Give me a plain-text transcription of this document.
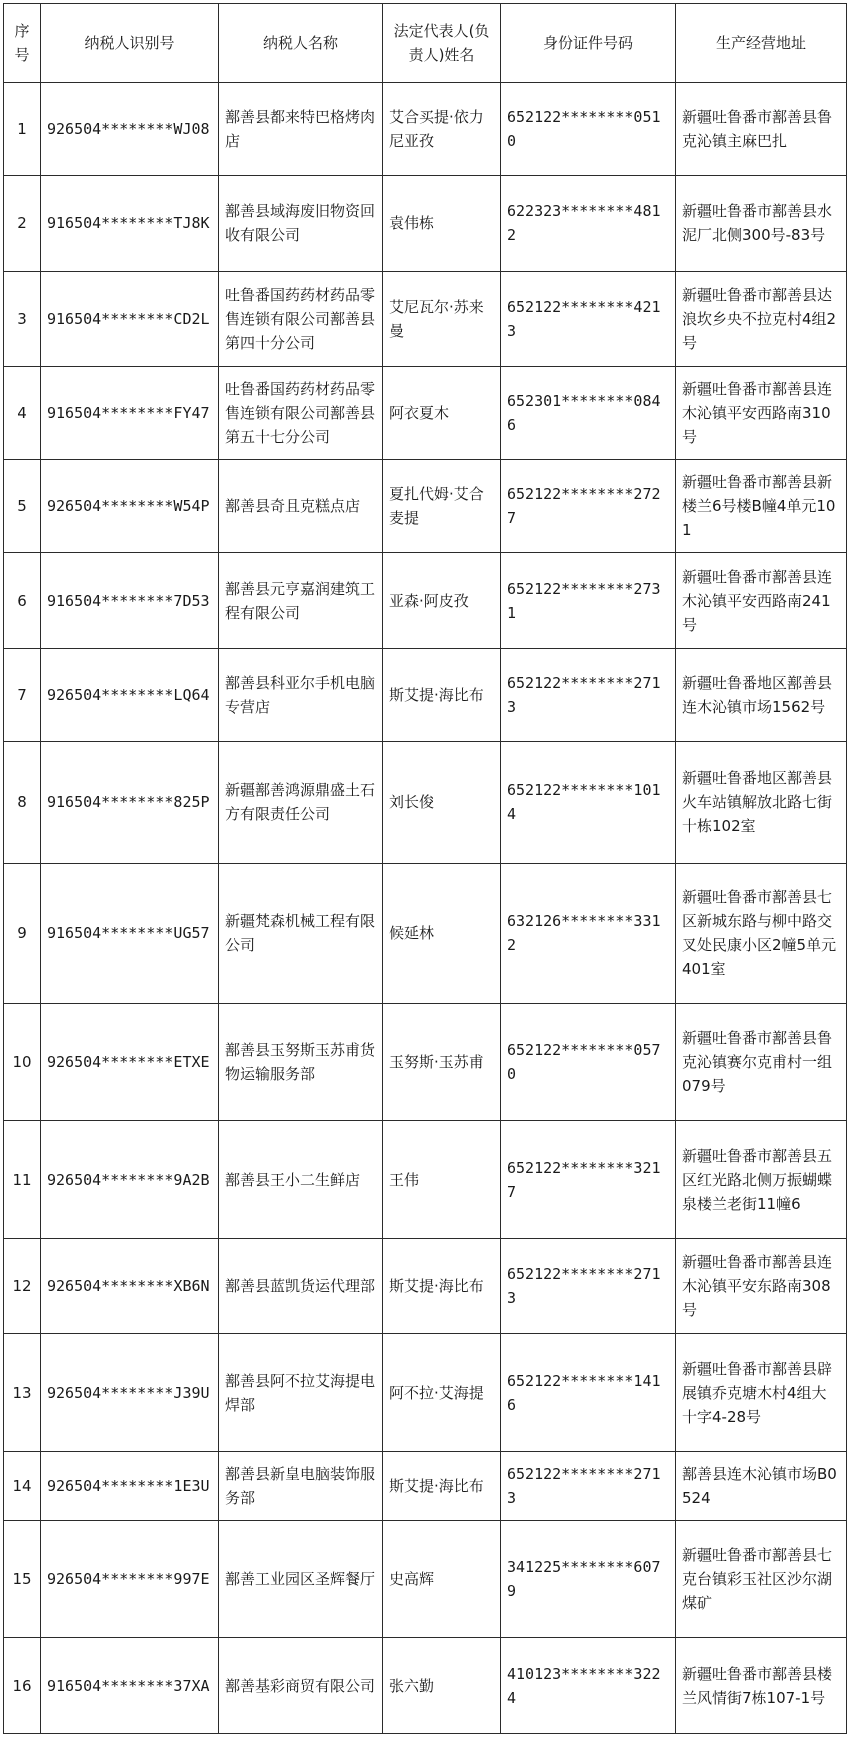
序号	纳税人识别号	纳税人名称	法定代表人(负责人)姓名	身份证件号码	生产经营地址
1	926504********WJ08	鄯善县都来特巴格烤肉店	艾合买提·依力尼亚孜	652122********0510	新疆吐鲁番市鄯善县鲁克沁镇主麻巴扎
2	916504********TJ8K	鄯善县域海废旧物资回收有限公司	袁伟栋	622323********4812	新疆吐鲁番市鄯善县水泥厂北侧300号-83号
3	916504********CD2L	吐鲁番国药药材药品零售连锁有限公司鄯善县第四十分公司	艾尼瓦尔·苏来曼	652122********4213	新疆吐鲁番市鄯善县达浪坎乡央不拉克村4组2号
4	916504********FY47	吐鲁番国药药材药品零售连锁有限公司鄯善县第五十七分公司	阿衣夏木	652301********0846	新疆吐鲁番市鄯善县连木沁镇平安西路南310号
5	926504********W54P	鄯善县奇且克糕点店	夏扎代姆·艾合麦提	652122********2727	新疆吐鲁番市鄯善县新楼兰6号楼B幢4单元101
6	916504********7D53	鄯善县元亨嘉润建筑工程有限公司	亚森·阿皮孜	652122********2731	新疆吐鲁番市鄯善县连木沁镇平安西路南241号
7	926504********LQ64	鄯善县科亚尔手机电脑专营店	斯艾提·海比布	652122********2713	新疆吐鲁番地区鄯善县连木沁镇市场1562号
8	916504********825P	新疆鄯善鸿源鼎盛土石方有限责任公司	刘长俊	652122********1014	新疆吐鲁番地区鄯善县火车站镇解放北路七街十栋102室
9	916504********UG57	新疆梵森机械工程有限公司	候延林	632126********3312	新疆吐鲁番市鄯善县七区新城东路与柳中路交叉处民康小区2幢5单元401室
10	926504********ETXE	鄯善县玉努斯玉苏甫货物运输服务部	玉努斯·玉苏甫	652122********0570	新疆吐鲁番市鄯善县鲁克沁镇赛尔克甫村一组079号
11	926504********9A2B	鄯善县王小二生鲜店	王伟	652122********3217	新疆吐鲁番市鄯善县五区红光路北侧万振蝴蝶泉楼兰老街11幢6
12	926504********XB6N	鄯善县蓝凯货运代理部	斯艾提·海比布	652122********2713	新疆吐鲁番市鄯善县连木沁镇平安东路南308号
13	926504********J39U	鄯善县阿不拉艾海提电焊部	阿不拉·艾海提	652122********1416	新疆吐鲁番市鄯善县辟展镇乔克塘木村4组大十字4-28号
14	926504********1E3U	鄯善县新皇电脑装饰服务部	斯艾提·海比布	652122********2713	鄯善县连木沁镇市场B0524
15	926504********997E	鄯善工业园区圣辉餐厅	史高辉	341225********6079	新疆吐鲁番市鄯善县七克台镇彩玉社区沙尔湖煤矿
16	916504********37XA	鄯善基彩商贸有限公司	张六勤	410123********3224	新疆吐鲁番市鄯善县楼兰风情街7栋107-1号
